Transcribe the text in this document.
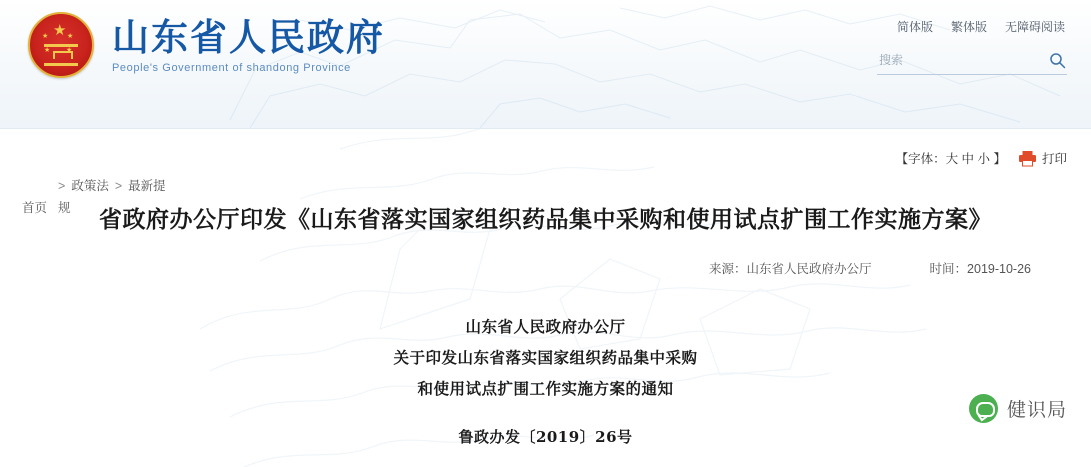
★
★	★
★ ★ 山东省人民政府
People's Government of shandong Province
简体版 繁体版 无障碍阅读
搜索
【字体：大 中 小 】	打印
> 政策法 > 最新提
首页 规	省政府办公厅印发《山东省落实国家组织药品集中采购和使用试点扩围工作实施方案》
来源：山东省人民政府办公厅	时间：2019-10-26
山东省人民政府办公厅
关于印发山东省落实国家组织药品集中采购
和使用试点扩围工作实施方案的通知
鲁政办发〔2019〕26号
健识局
